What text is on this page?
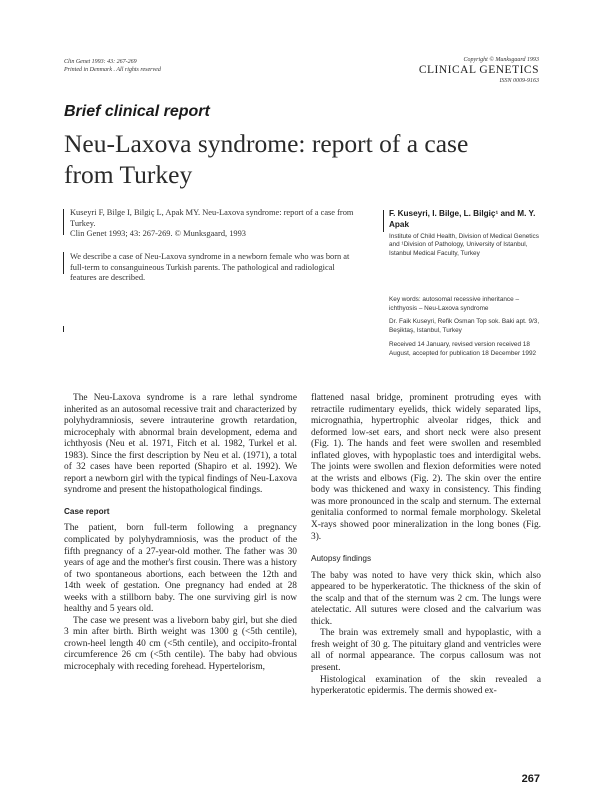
Clin Genet 1993: 43: 267-269
Printed in Denmark . All rights reserved
Copyright © Munksgaard 1993
CLINICAL GENETICS
ISSN 0009-9163
Brief clinical report
Neu-Laxova syndrome: report of a case from Turkey
Kuseyri F, Bilge I, Bilgiç L, Apak MY. Neu-Laxova syndrome: report of a case from Turkey.
Clin Genet 1993; 43: 267-269. © Munksgaard, 1993
We describe a case of Neu-Laxova syndrome in a newborn female who was born at full-term to consanguineous Turkish parents. The pathological and radiological features are described.
F. Kuseyri, I. Bilge, L. Bilgiç¹ and M. Y. Apak
Institute of Child Health, Division of Medical Genetics and ¹Division of Pathology, University of Istanbul, Istanbul Medical Faculty, Turkey
Key words: autosomal recessive inheritance – ichthyosis – Neu-Laxova syndrome
Dr. Faik Kuseyri, Refik Osman Top sok. Baki apt. 9/3, Beşiktaş, Istanbul, Turkey
Received 14 January, revised version received 18 August, accepted for publication 18 December 1992

The Neu-Laxova syndrome is a rare lethal syndrome inherited as an autosomal recessive trait and characterized by polyhydramniosis, severe intrauterine growth retardation, microcephaly with abnormal brain development, edema and ichthyosis (Neu et al. 1971, Fitch et al. 1982, Turkel et al. 1983). Since the first description by Neu et al. (1971), a total of 32 cases have been reported (Shapiro et al. 1992). We report a newborn girl with the typical findings of Neu-Laxova syndrome and present the histopathological findings.

Case report

The patient, born full-term following a pregnancy complicated by polyhydramniosis, was the product of the fifth pregnancy of a 27-year-old mother. The father was 30 years of age and the mother's first cousin. There was a history of two spontaneous abortions, each between the 12th and 14th week of gestation. One pregnancy had ended at 28 weeks with a stillborn baby. The one surviving girl is now healthy and 5 years old.

The case we present was a liveborn baby girl, but she died 3 min after birth. Birth weight was 1300 g (<5th centile), crown-heel length 40 cm (<5th centile), and occipito-frontal circumference 26 cm (<5th centile). The baby had obvious microcephaly with receding forehead. Hypertelorism,

flattened nasal bridge, prominent protruding eyes with retractile rudimentary eyelids, thick widely separated lips, micrognathia, hypertrophic alveolar ridges, thick and deformed low-set ears, and short neck were also present (Fig. 1). The hands and feet were swollen and resembled inflated gloves, with hypoplastic toes and interdigital webs. The joints were swollen and flexion deformities were noted at the wrists and elbows (Fig. 2). The skin over the entire body was thickened and waxy in consistency. This finding was more pronounced in the scalp and sternum. The external genitalia conformed to normal female morphology. Skeletal X-rays showed poor mineralization in the long bones (Fig. 3).

Autopsy findings

The baby was noted to have very thick skin, which also appeared to be hyperkeratotic. The thickness of the skin of the scalp and that of the sternum was 2 cm. The lungs were atelectatic. All sutures were closed and the calvarium was thick.

The brain was extremely small and hypoplastic, with a fresh weight of 30 g. The pituitary gland and ventricles were all of normal appearance. The corpus callosum was not present.

Histological examination of the skin revealed a hyperkeratotic epidermis. The dermis showed ex-

267
